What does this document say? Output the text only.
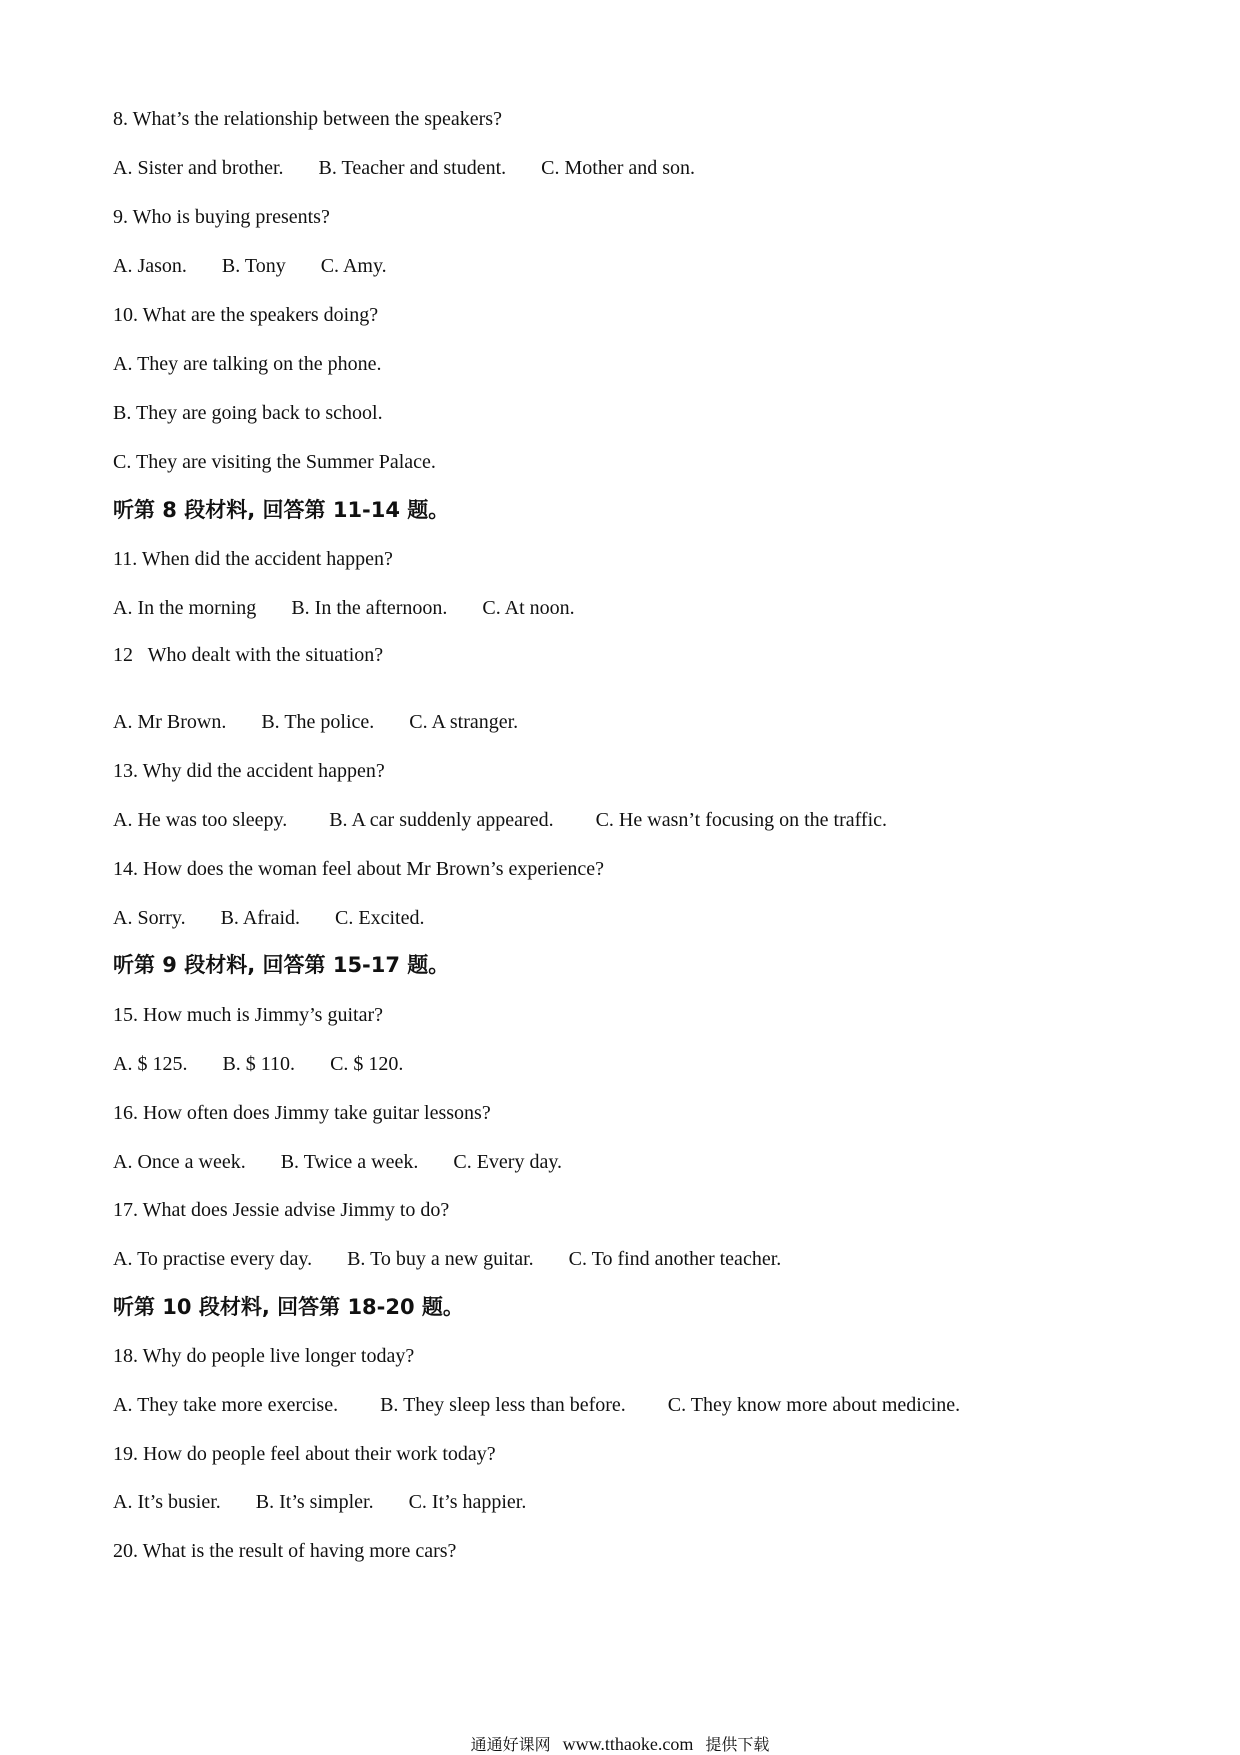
8. What’s the relationship between the speakers?
A. Sister and brother. B. Teacher and student. C. Mother and son.
9. Who is buying presents?
A. Jason. B. Tony C. Amy.
10. What are the speakers doing?
A. They are talking on the phone.
B. They are going back to school.
C. They are visiting the Summer Palace.
听第 8 段材料, 回答第 11-14 题。
11. When did the accident happen?
A. In the morning B. In the afternoon. C. At noon.
12   Who dealt with the situation?
A. Mr Brown. B. The police. C. A stranger.
13. Why did the accident happen?
A. He was too sleepy. B. A car suddenly appeared. C. He wasn’t focusing on the traffic.
14. How does the woman feel about Mr Brown’s experience?
A. Sorry. B. Afraid. C. Excited.
听第 9 段材料, 回答第 15-17 题。
15. How much is Jimmy’s guitar?
A. $ 125. B. $ 110. C. $ 120.
16. How often does Jimmy take guitar lessons?
A. Once a week. B. Twice a week. C. Every day.
17. What does Jessie advise Jimmy to do?
A. To practise every day. B. To buy a new guitar. C. To find another teacher.
听第 10 段材料, 回答第 18-20 题。
18. Why do people live longer today?
A. They take more exercise. B. They sleep less than before. C. They know more about medicine.
19. How do people feel about their work today?
A. It’s busier. B. It’s simpler. C. It’s happier.
20. What is the result of having more cars?
通通好课网 www.tthaoke.com 提供下载
